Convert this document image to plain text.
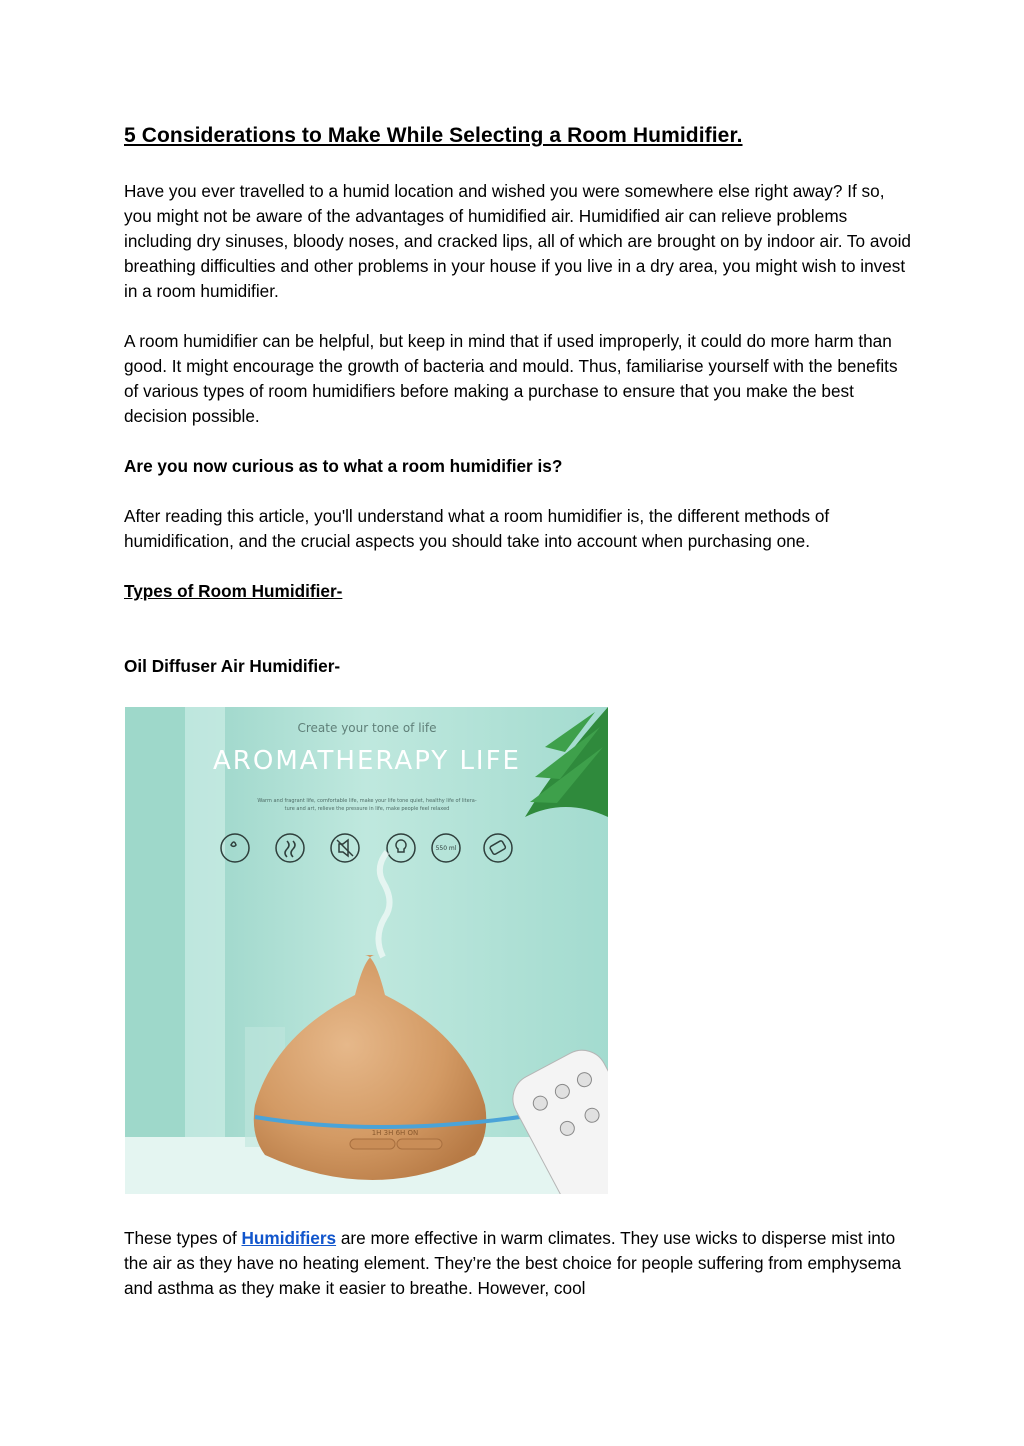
5 Considerations to Make While Selecting a Room Humidifier.

Have you ever travelled to a humid location and wished you were somewhere else right away? If so, you might not be aware of the advantages of humidified air. Humidified air can relieve problems including dry sinuses, bloody noses, and cracked lips, all of which are brought on by indoor air. To avoid breathing difficulties and other problems in your house if you live in a dry area, you might wish to invest in a room humidifier.

A room humidifier can be helpful, but keep in mind that if used improperly, it could do more harm than good. It might encourage the growth of bacteria and mould. Thus, familiarise yourself with the benefits of various types of room humidifiers before making a purchase to ensure that you make the best decision possible.

Are you now curious as to what a room humidifier is?

After reading this article, you'll understand what a room humidifier is, the different methods of humidification, and the crucial aspects you should take into account when purchasing one.

Types of Room Humidifier-

Oil Diffuser Air Humidifier-

Create your tone of life
AROMATHERAPY LIFE
Warm and fragrant life, comfortable life, make your life tone quiet, healthy life of litera-
ture and art, relieve the pressure in life, make people feel relaxed
550 ml
1H 3H 6H ON

These types of Humidifiers are more effective in warm climates. They use wicks to disperse mist into the air as they have no heating element. They’re the best choice for people suffering from emphysema and asthma as they make it easier to breathe. However, cool
